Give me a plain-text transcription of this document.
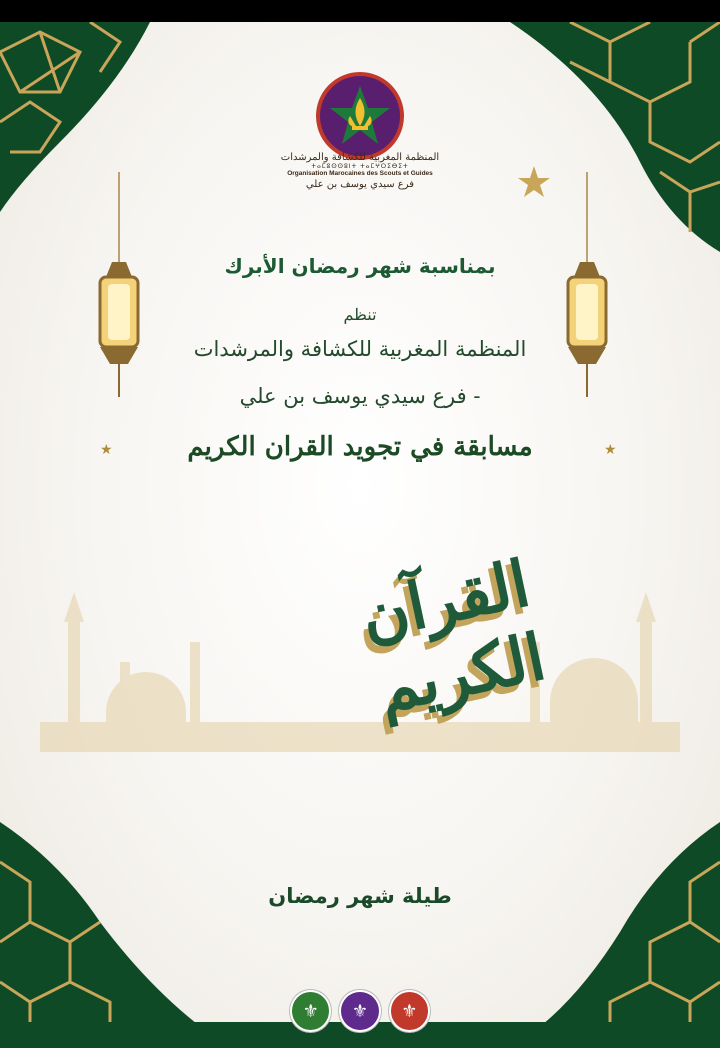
المنظمة المغربية للكشافة والمرشدات
ⵜⴰⵎⵓⵙⵙⵓⵏⵜ ⵜⴰⵎⵖⵔⵉⴱⵉⵜ
Organisation Marocaines des Scouts et Guides
فرع سيدي يوسف بن علي
بمناسبة شهر رمضان الأبرك
تنظم
المنظمة المغربية للكشافة والمرشدات
- فرع سيدي يوسف بن علي
★	مسابقة في تجويد القران الكريم	★
القرآن الكريم
طيلة شهر رمضان
⚜	⚜	⚜
